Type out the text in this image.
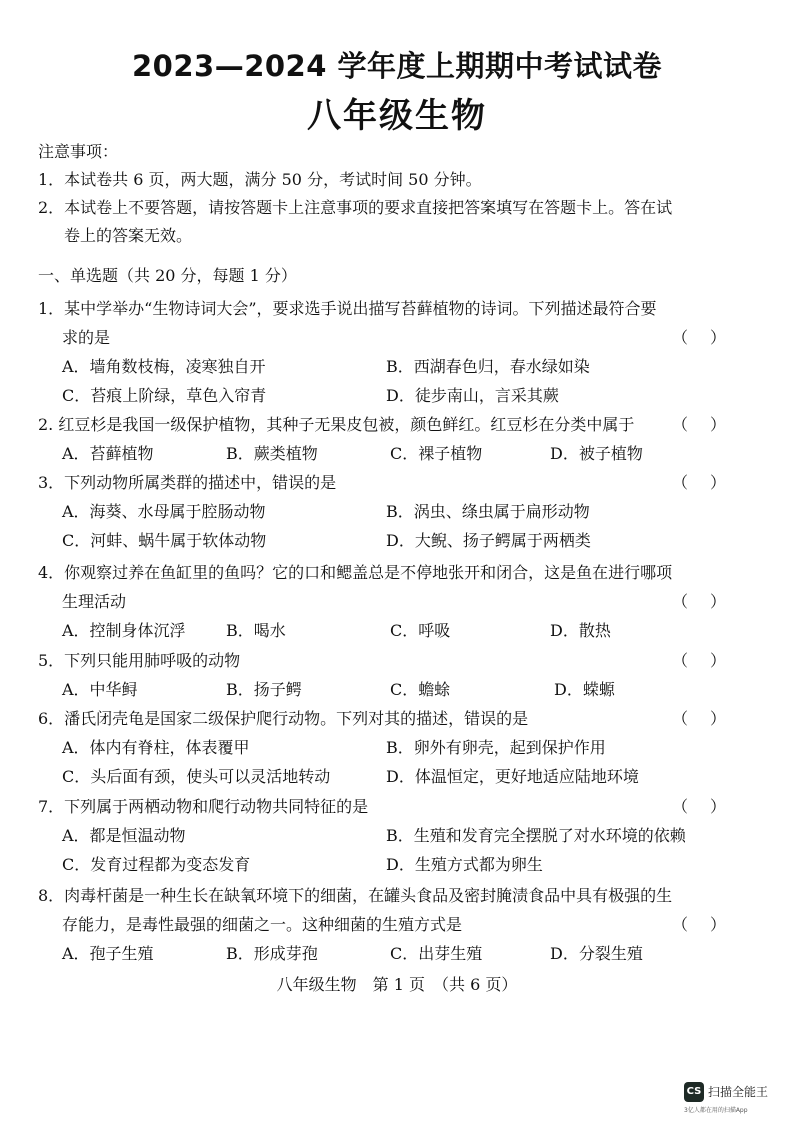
2023—2024 学年度上期期中考试试卷
八年级生物
注意事项：
1．本试卷共 6 页，两大题，满分 50 分，考试时间 50 分钟。
2．本试卷上不要答题，请按答题卡上注意事项的要求直接把答案填写在答题卡上。答在试
卷上的答案无效。
一、单选题（共 20 分，每题 1 分）
1．某中学举办“生物诗词大会”，要求选手说出描写苔藓植物的诗词。下列描述最符合要
求的是	（ ）
A．墙角数枝梅，凌寒独自开	B．西湖春色归，春水绿如染
C．苔痕上阶绿，草色入帘青	D．徒步南山，言采其蕨
2. 红豆杉是我国一级保护植物，其种子无果皮包被，颜色鲜红。红豆杉在分类中属于 （ ）
A．苔藓植物	B．蕨类植物	C．裸子植物	D．被子植物
3．下列动物所属类群的描述中，错误的是	（ ）
A．海葵、水母属于腔肠动物	B．涡虫、绦虫属于扁形动物
C．河蚌、蜗牛属于软体动物	D．大鲵、扬子鳄属于两栖类
4．你观察过养在鱼缸里的鱼吗？它的口和鳃盖总是不停地张开和闭合，这是鱼在进行哪项
生理活动	（ ）
A．控制身体沉浮	B．喝水	C．呼吸	D．散热
5．下列只能用肺呼吸的动物	（ ）
A．中华鲟	B．扬子鳄	C．蟾蜍	D．蝾螈
6．潘氏闭壳龟是国家二级保护爬行动物。下列对其的描述，错误的是	（ ）
A．体内有脊柱，体表覆甲	B．卵外有卵壳，起到保护作用
C．头后面有颈，使头可以灵活地转动	D．体温恒定，更好地适应陆地环境
7．下列属于两栖动物和爬行动物共同特征的是	（ ）
A．都是恒温动物	B．生殖和发育完全摆脱了对水环境的依赖
C．发育过程都为变态发育	D．生殖方式都为卵生
8．肉毒杆菌是一种生长在缺氧环境下的细菌，在罐头食品及密封腌渍食品中具有极强的生
存能力，是毒性最强的细菌之一。这种细菌的生殖方式是	（ ）
A．孢子生殖	B．形成芽孢	C．出芽生殖	D．分裂生殖
八年级生物　第 1 页　（共 6 页）
CS 扫描全能王
3亿人都在用的扫描App
